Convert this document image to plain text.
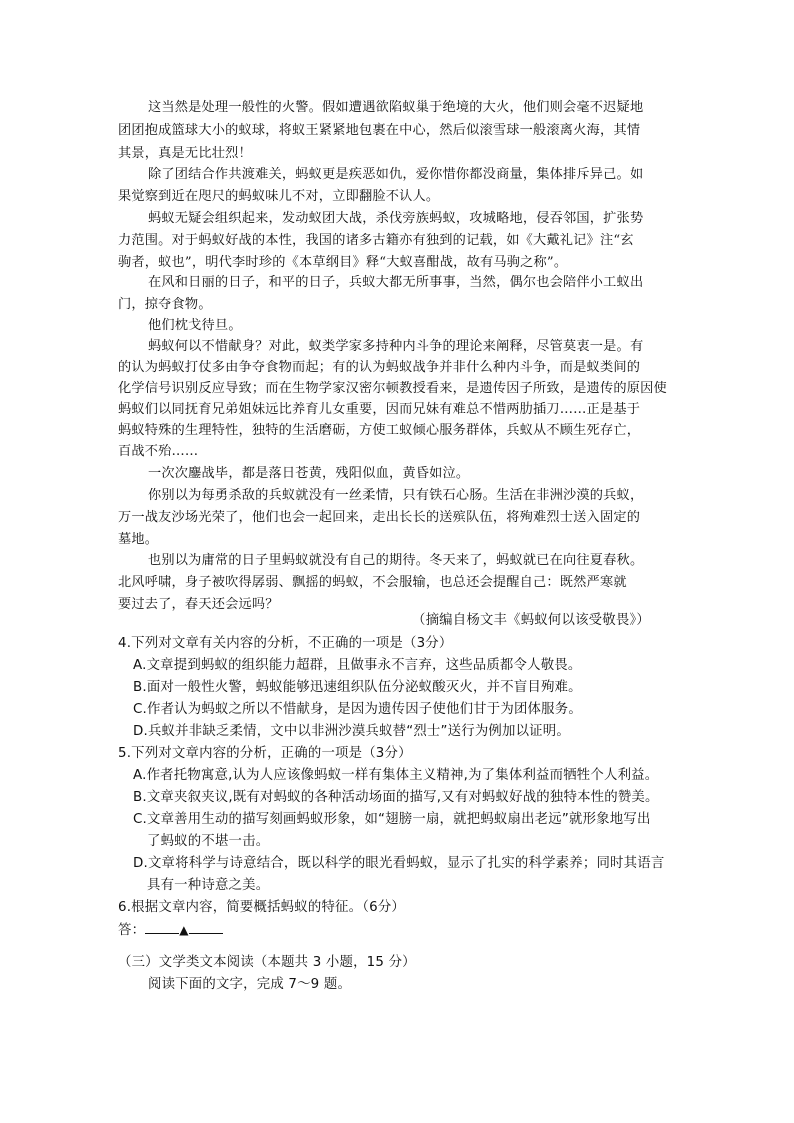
这当然是处理一般性的火警。假如遭遇欲陷蚁巢于绝境的大火，他们则会毫不迟疑地
团团抱成篮球大小的蚁球，将蚁王紧紧地包裹在中心，然后似滚雪球一般滚离火海，其情
其景，真是无比壮烈！
除了团结合作共渡难关，蚂蚁更是疾恶如仇，爱你惜你都没商量，集体排斥异己。如
果觉察到近在咫尺的蚂蚁味儿不对，立即翻脸不认人。
蚂蚁无疑会组织起来，发动蚁团大战，杀伐旁族蚂蚁，攻城略地，侵吞邻国，扩张势
力范围。对于蚂蚁好战的本性，我国的诸多古籍亦有独到的记载，如《大戴礼记》注“玄
驹者，蚁也”，明代李时珍的《本草纲目》释“大蚁喜酣战，故有马驹之称”。
在风和日丽的日子，和平的日子，兵蚁大都无所事事，当然，偶尔也会陪伴小工蚁出
门，掠夺食物。
他们枕戈待旦。
蚂蚁何以不惜献身？对此，蚁类学家多持种内斗争的理论来阐释，尽管莫衷一是。有
的认为蚂蚁打仗多由争夺食物而起；有的认为蚂蚁战争并非什么种内斗争，而是蚁类间的
化学信号识别反应导致；而在生物学家汉密尔顿教授看来，是遗传因子所致，是遗传的原因使
蚂蚁们以同抚育兄弟姐妹远比养育儿女重要，因而兄妹有难总不惜两肋插刀……正是基于
蚂蚁特殊的生理特性，独特的生活磨砺，方使工蚁倾心服务群体，兵蚁从不顾生死存亡，
百战不殆……
一次次鏖战毕，都是落日苍黄，残阳似血，黄昏如泣。
你别以为每勇杀敌的兵蚁就没有一丝柔情，只有铁石心肠。生活在非洲沙漠的兵蚁，
万一战友沙场光荣了，他们也会一起回来，走出长长的送殡队伍，将殉难烈士送入固定的
墓地。
也别以为庸常的日子里蚂蚁就没有自己的期待。冬天来了，蚂蚁就已在向往夏春秋。
北风呼啸，身子被吹得孱弱、飘摇的蚂蚁，不会服输，也总还会提醒自己：既然严寒就
要过去了，春天还会远吗？
（摘编自杨文丰《蚂蚁何以该受敬畏》）
4.下列对文章有关内容的分析，不正确的一项是（3分）
A.文章提到蚂蚁的组织能力超群，且做事永不言弃，这些品质都令人敬畏。
B.面对一般性火警，蚂蚁能够迅速组织队伍分泌蚁酸灭火，并不盲目殉难。
C.作者认为蚂蚁之所以不惜献身，是因为遗传因子使他们甘于为团体服务。
D.兵蚁并非缺乏柔情，文中以非洲沙漠兵蚁替“烈士”送行为例加以证明。
5.下列对文章内容的分析，正确的一项是（3分）
A.作者托物寓意,认为人应该像蚂蚁一样有集体主义精神,为了集体利益而牺牲个人利益。
B.文章夹叙夹议,既有对蚂蚁的各种活动场面的描写,又有对蚂蚁好战的独特本性的赞美。
C.文章善用生动的描写刻画蚂蚁形象，如“翅膀一扇，就把蚂蚁扇出老远”就形象地写出
了蚂蚁的不堪一击。
D.文章将科学与诗意结合，既以科学的眼光看蚂蚁，显示了扎实的科学素养；同时其语言
具有一种诗意之美。
6.根据文章内容，简要概括蚂蚁的特征。（6分）
答：	▲
（三）文学类文本阅读（本题共 3 小题，15 分）
阅读下面的文字，完成 7～9 题。
